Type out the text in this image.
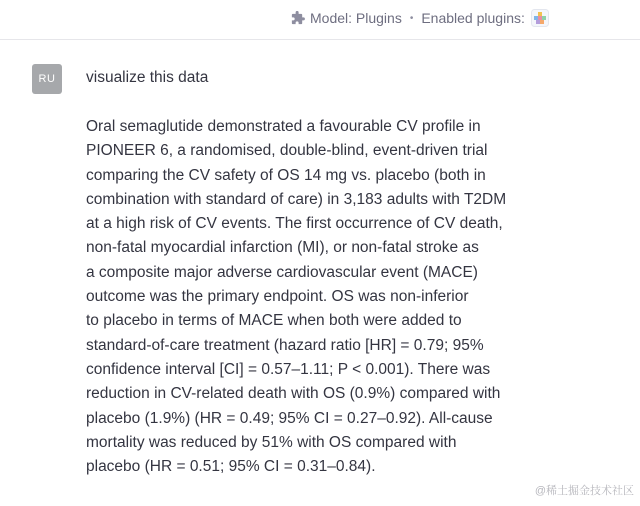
Model: Plugins • Enabled plugins:
RU visualize this data

Oral semaglutide demonstrated a favourable CV profile in
PIONEER 6, a randomised, double-blind, event-driven trial
comparing the CV safety of OS 14 mg vs. placebo (both in
combination with standard of care) in 3,183 adults with T2DM
at a high risk of CV events. The first occurrence of CV death,
non-fatal myocardial infarction (MI), or non-fatal stroke as
a composite major adverse cardiovascular event (MACE)
outcome was the primary endpoint. OS was non-inferior
to placebo in terms of MACE when both were added to
standard-of-care treatment (hazard ratio [HR] = 0.79; 95%
confidence interval [CI] = 0.57–1.11; P < 0.001). There was
reduction in CV-related death with OS (0.9%) compared with
placebo (1.9%) (HR = 0.49; 95% CI = 0.27–0.92). All-cause
mortality was reduced by 51% with OS compared with
placebo (HR = 0.51; 95% CI = 0.31–0.84).

@稀土掘金技术社区
